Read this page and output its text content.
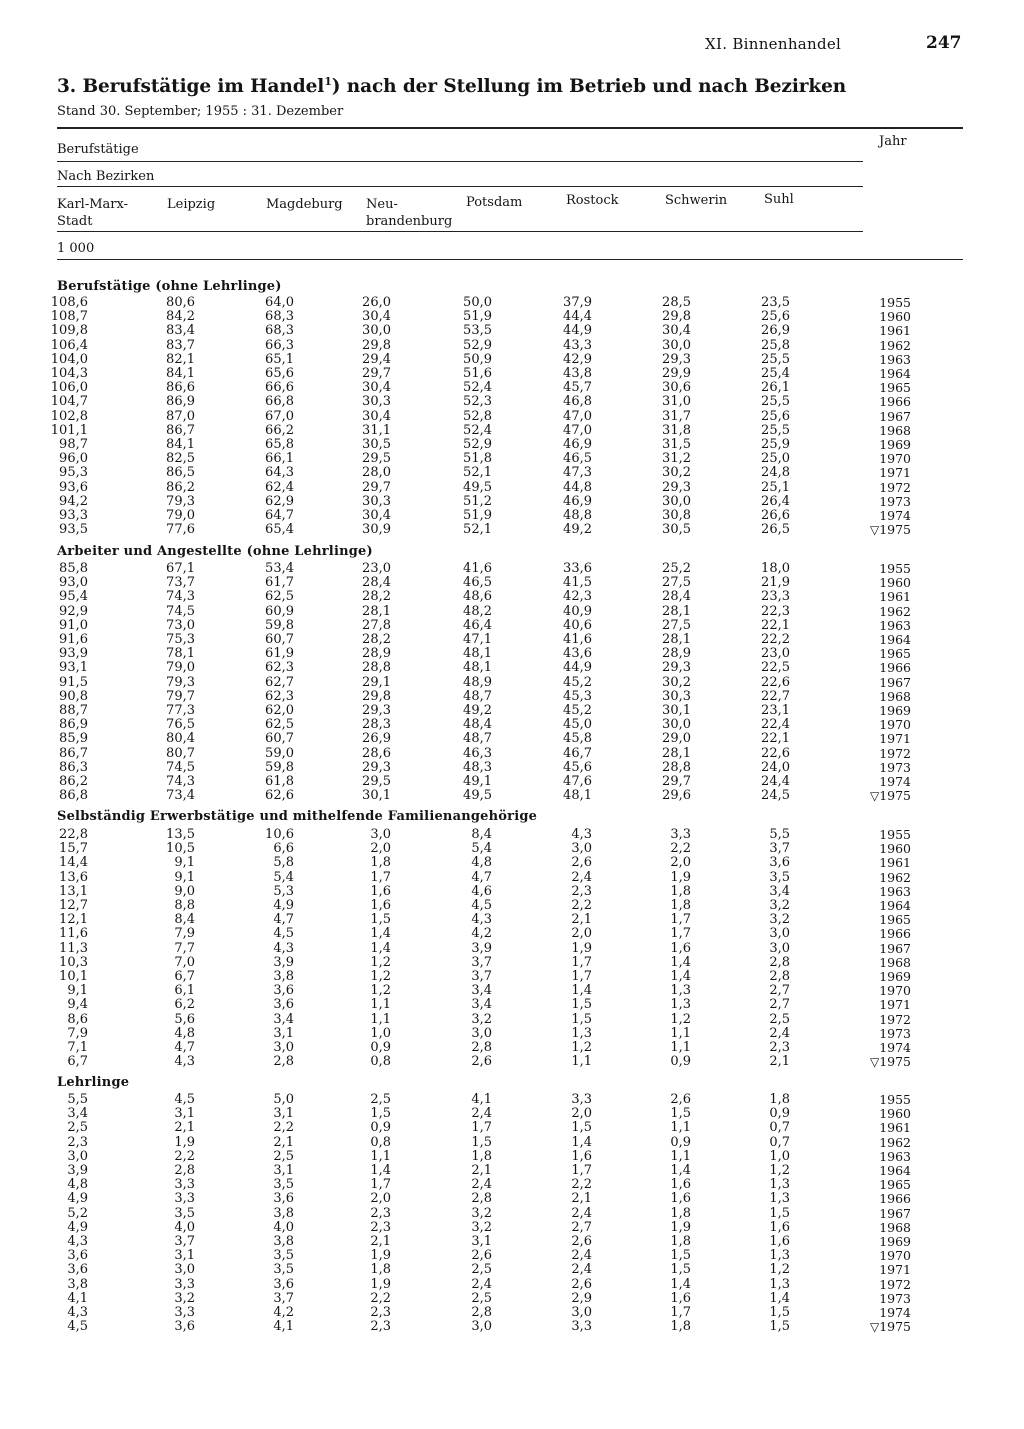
XI. Binnenhandel	247
3. Berufstätige im Handel$^1$) nach der Stellung im Betrieb und nach Bezirken
Stand 30. September; 1955 : 31. Dezember
Berufstätige
Jahr
Nach Bezirken
Karl-Marx-
Stadt
Leipzig	Magdeburg Neu-
brandenburg
Potsdam	Rostock	Schwerin	Suhl
1 000
Berufstätige (ohne Lehrlinge)
108,6	80,6	64,0	26,0	50,0	37,9	28,5	23,5	1955
108,7	84,2	68,3	30,4	51,9	44,4	29,8	25,6	1960
109,8	83,4	68,3	30,0	53,5	44,9	30,4	26,9	1961
106,4	83,7	66,3	29,8	52,9	43,3	30,0	25,8	1962
104,0	82,1	65,1	29,4	50,9	42,9	29,3	25,5	1963
104,3	84,1	65,6	29,7	51,6	43,8	29,9	25,4	1964
106,0	86,6	66,6	30,4	52,4	45,7	30,6	26,1	1965
104,7	86,9	66,8	30,3	52,3	46,8	31,0	25,5	1966
102,8	87,0	67,0	30,4	52,8	47,0	31,7	25,6	1967
101,1	86,7	66,2	31,1	52,4	47,0	31,8	25,5	1968
98,7	84,1	65,8	30,5	52,9	46,9	31,5	25,9	1969
96,0	82,5	66,1	29,5	51,8	46,5	31,2	25,0	1970
95,3	86,5	64,3	28,0	52,1	47,3	30,2	24,8	1971
93,6	86,2	62,4	29,7	49,5	44,8	29,3	25,1	1972
94,2	79,3	62,9	30,3	51,2	46,9	30,0	26,4	1973
93,3	79,0	64,7	30,4	51,9	48,8	30,8	26,6	1974
93,5	77,6	65,4	30,9	52,1	49,2	30,5	26,5	▽1975
Arbeiter und Angestellte (ohne Lehrlinge)
85,8	67,1	53,4	23,0	41,6	33,6	25,2	18,0	1955
93,0	73,7	61,7	28,4	46,5	41,5	27,5	21,9	1960
95,4	74,3	62,5	28,2	48,6	42,3	28,4	23,3	1961
92,9	74,5	60,9	28,1	48,2	40,9	28,1	22,3	1962
91,0	73,0	59,8	27,8	46,4	40,6	27,5	22,1	1963
91,6	75,3	60,7	28,2	47,1	41,6	28,1	22,2	1964
93,9	78,1	61,9	28,9	48,1	43,6	28,9	23,0	1965
93,1	79,0	62,3	28,8	48,1	44,9	29,3	22,5	1966
91,5	79,3	62,7	29,1	48,9	45,2	30,2	22,6	1967
90,8	79,7	62,3	29,8	48,7	45,3	30,3	22,7	1968
88,7	77,3	62,0	29,3	49,2	45,2	30,1	23,1	1969
86,9	76,5	62,5	28,3	48,4	45,0	30,0	22,4	1970
85,9	80,4	60,7	26,9	48,7	45,8	29,0	22,1	1971
86,7	80,7	59,0	28,6	46,3	46,7	28,1	22,6	1972
86,3	74,5	59,8	29,3	48,3	45,6	28,8	24,0	1973
86,2	74,3	61,8	29,5	49,1	47,6	29,7	24,4	1974
86,8	73,4	62,6	30,1	49,5	48,1	29,6	24,5	▽1975
Selbständig Erwerbstätige und mithelfende Familienangehörige
22,8	13,5	10,6	3,0	8,4	4,3	3,3	5,5	1955
15,7	10,5	6,6	2,0	5,4	3,0	2,2	3,7	1960
14,4	9,1	5,8	1,8	4,8	2,6	2,0	3,6	1961
13,6	9,1	5,4	1,7	4,7	2,4	1,9	3,5	1962
13,1	9,0	5,3	1,6	4,6	2,3	1,8	3,4	1963
12,7	8,8	4,9	1,6	4,5	2,2	1,8	3,2	1964
12,1	8,4	4,7	1,5	4,3	2,1	1,7	3,2	1965
11,6	7,9	4,5	1,4	4,2	2,0	1,7	3,0	1966
11,3	7,7	4,3	1,4	3,9	1,9	1,6	3,0	1967
10,3	7,0	3,9	1,2	3,7	1,7	1,4	2,8	1968
10,1	6,7	3,8	1,2	3,7	1,7	1,4	2,8	1969
9,1	6,1	3,6	1,2	3,4	1,4	1,3	2,7	1970
9,4	6,2	3,6	1,1	3,4	1,5	1,3	2,7	1971
8,6	5,6	3,4	1,1	3,2	1,5	1,2	2,5	1972
7,9	4,8	3,1	1,0	3,0	1,3	1,1	2,4	1973
7,1	4,7	3,0	0,9	2,8	1,2	1,1	2,3	1974
6,7	4,3	2,8	0,8	2,6	1,1	0,9	2,1	▽1975
Lehrlinge
5,5	4,5	5,0	2,5	4,1	3,3	2,6	1,8	1955
3,4	3,1	3,1	1,5	2,4	2,0	1,5	0,9	1960
2,5	2,1	2,2	0,9	1,7	1,5	1,1	0,7	1961
2,3	1,9	2,1	0,8	1,5	1,4	0,9	0,7	1962
3,0	2,2	2,5	1,1	1,8	1,6	1,1	1,0	1963
3,9	2,8	3,1	1,4	2,1	1,7	1,4	1,2	1964
4,8	3,3	3,5	1,7	2,4	2,2	1,6	1,3	1965
4,9	3,3	3,6	2,0	2,8	2,1	1,6	1,3	1966
5,2	3,5	3,8	2,3	3,2	2,4	1,8	1,5	1967
4,9	4,0	4,0	2,3	3,2	2,7	1,9	1,6	1968
4,3	3,7	3,8	2,1	3,1	2,6	1,8	1,6	1969
3,6	3,1	3,5	1,9	2,6	2,4	1,5	1,3	1970
3,6	3,0	3,5	1,8	2,5	2,4	1,5	1,2	1971
3,8	3,3	3,6	1,9	2,4	2,6	1,4	1,3	1972
4,1	3,2	3,7	2,2	2,5	2,9	1,6	1,4	1973
4,3	3,3	4,2	2,3	2,8	3,0	1,7	1,5	1974
4,5	3,6	4,1	2,3	3,0	3,3	1,8	1,5	▽1975
